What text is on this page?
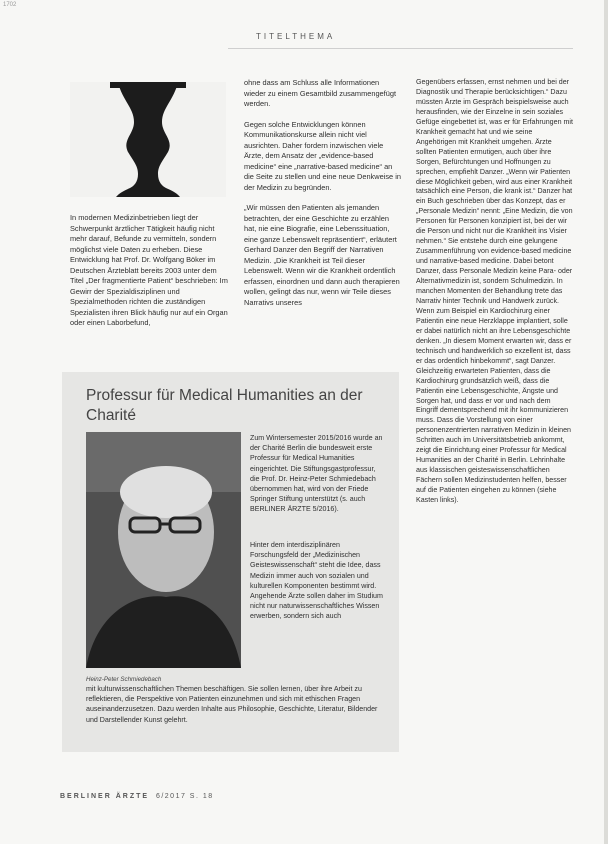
1702
TITELTHEMA
In modernen Medizinbetrieben liegt der Schwerpunkt ärztlicher Tätigkeit häufig nicht mehr darauf, Befunde zu vermitteln, sondern möglichst viele Daten zu erheben. Diese Entwicklung hat Prof. Dr. Wolfgang Böker im Deutschen Ärzteblatt bereits 2003 unter dem Titel „Der fragmentierte Patient“ beschrieben: Im Gewirr der Spezialdisziplinen und Spezialmethoden richten die zuständigen Spezialisten ihren Blick häufig nur auf ein Organ oder einen Laborbefund,

ohne dass am Schluss alle Informationen wieder zu einem Gesamtbild zusammengefügt werden.

Gegen solche Entwicklungen können Kommunikationskurse allein nicht viel ausrichten. Daher fordern inzwischen viele Ärzte, dem Ansatz der „evidence-based medicine“ eine „narrative-based medicine“ an die Seite zu stellen und eine neue Denkweise in der Medizin zu begründen.

„Wir müssen den Patienten als jemanden betrachten, der eine Geschichte zu erzählen hat, nie eine Biografie, eine Lebenssituation, eine ganze Lebenswelt repräsentiert“, erläutert Gerhard Danzer den Begriff der Narrativen Medizin. „Die Krankheit ist Teil dieser Lebenswelt. Wenn wir die Krankheit ordentlich erfassen, einordnen und dann auch therapieren wollen, gelingt das nur, wenn wir Teile dieses Narrativs unseres

Gegenübers erfassen, ernst nehmen und bei der Diagnostik und Therapie berücksichtigen.“ Dazu müssten Ärzte im Gespräch beispielsweise auch herausfinden, wie der Einzelne in sein soziales Gefüge eingebettet ist, was er für Erfahrungen mit Krankheit gemacht hat und wie seine Angehörigen mit Krankheit umgehen. Ärzte sollten Patienten ermutigen, auch über ihre Sorgen, Befürchtungen und Hoffnungen zu sprechen, empfiehlt Danzer. „Wenn wir Patienten diese Möglichkeit geben, wird aus einer Krankheit tatsächlich eine Person, die krank ist.“ Danzer hat ein Buch geschrieben über das Konzept, das er „Personale Medizin“ nennt: „Eine Medizin, die von Personen für Personen konzipiert ist, bei der wir die Person und nicht nur die Krankheit ins Visier nehmen.“ Sie entstehe durch eine gelungene Zusammenführung von evidence-based medicine und narrative-based medicine. Dabei betont Danzer, dass Personale Medizin keine Para- oder Alternativmedizin ist, sondern Schulmedizin. In manchen Momenten der Behandlung trete das Narrativ hinter Technik und Handwerk zurück. Wenn zum Beispiel ein Kardiochirurg einer Patientin eine neue Herzklappe implantiert, solle er dabei natürlich nicht an ihre Lebensgeschichte denken. „In diesem Moment erwarten wir, dass er technisch und handwerklich so exzellent ist, dass er das ordentlich hinbekommt“, sagt Danzer. Gleichzeitig erwarteten Patienten, dass die Kardiochirurg grundsätzlich weiß, dass die Patientin eine Lebensgeschichte, Ängste und Sorgen hat, und dass er vor und nach dem Eingriff dementsprechend mit ihr kommunizieren muss. Dass die Vorstellung von einer personenzentrierten narrativen Medizin in kleinen Schritten auch im Universitätsbetrieb ankommt, zeigt die Einrichtung einer Professur für Medical Humanities an der Charité in Berlin. Lehrinhalte aus klassischen geisteswissenschaftlichen Fächern sollen Medizinstudenten helfen, besser auf die Patienten eingehen zu können (siehe Kasten links).
Professur für Medical Humanities an der Charité
Heinz-Peter Schmiedebach
Zum Wintersemester 2015/2016 wurde an der Charité Berlin die bundesweit erste Professur für Medical Humanities eingerichtet. Die Stiftungsgastprofessur, die Prof. Dr. Heinz-Peter Schmiedebach übernommen hat, wird von der Friede Springer Stiftung unterstützt (s. auch BERLINER ÄRZTE 5/2016).
Hinter dem interdisziplinären Forschungsfeld der „Medizinischen Geisteswissenschaft“ steht die Idee, dass Medizin immer auch von sozialen und kulturellen Komponenten bestimmt wird. Angehende Ärzte sollen daher im Studium nicht nur naturwissenschaftliches Wissen erwerben, sondern sich auch
mit kulturwissenschaftlichen Themen beschäftigen. Sie sollen lernen, über ihre Arbeit zu reflektieren, die Perspektive von Patienten einzunehmen und sich mit ethischen Fragen auseinanderzusetzen. Dazu werden Inhalte aus Philosophie, Geschichte, Literatur, Bildender und Darstellender Kunst gelehrt.
BERLINER ÄRZTE 6/2017 S. 18
